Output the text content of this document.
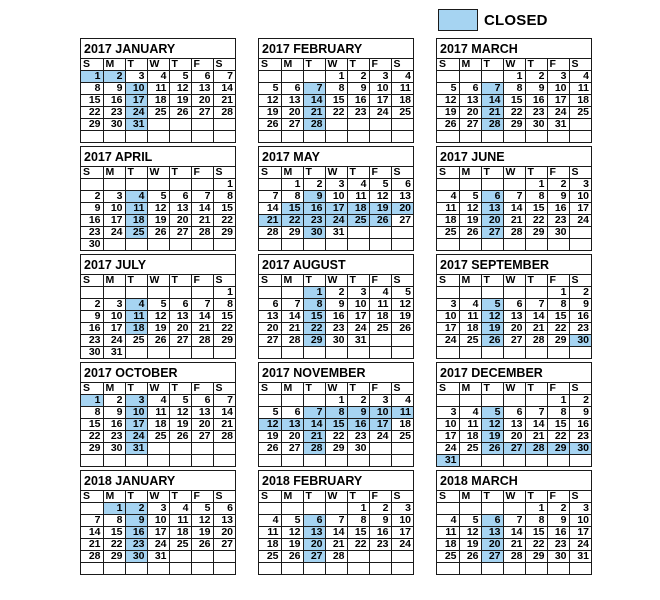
CLOSED
2017 JANUARY
S	M	T	W	T	F	S
1	2	3	4	5	6	7
8	9	10	11	12	13	14
15	16	17	18	19	20	21
22	23	24	25	26	27	28
29	30	31				

2017 FEBRUARY
S	M	T	W	T	F	S
			1	2	3	4
5	6	7	8	9	10	11
12	13	14	15	16	17	18
19	20	21	22	23	24	25
26	27	28				

2017 MARCH
S	M	T	W	T	F	S
			1	2	3	4
5	6	7	8	9	10	11
12	13	14	15	16	17	18
19	20	21	22	23	24	25
26	27	28	29	30	31	

2017 APRIL
S	M	T	W	T	F	S
						1
2	3	4	5	6	7	8
9	10	11	12	13	14	15
16	17	18	19	20	21	22
23	24	25	26	27	28	29
30						
2017 MAY
S	M	T	W	T	F	S
	1	2	3	4	5	6
7	8	9	10	11	12	13
14	15	16	17	18	19	20
21	22	23	24	25	26	27
28	29	30	31			

2017 JUNE
S	M	T	W	T	F	S
				1	2	3
4	5	6	7	8	9	10
11	12	13	14	15	16	17
18	19	20	21	22	23	24
25	26	27	28	29	30	

2017 JULY
S	M	T	W	T	F	S
						1
2	3	4	5	6	7	8
9	10	11	12	13	14	15
16	17	18	19	20	21	22
23	24	25	26	27	28	29
30	31					
2017 AUGUST
S	M	T	W	T	F	S
		1	2	3	4	5
6	7	8	9	10	11	12
13	14	15	16	17	18	19
20	21	22	23	24	25	26
27	28	29	30	31		

2017 SEPTEMBER
S	M	T	W	T	F	S
					1	2
3	4	5	6	7	8	9
10	11	12	13	14	15	16
17	18	19	20	21	22	23
24	25	26	27	28	29	30

2017 OCTOBER
S	M	T	W	T	F	S
1	2	3	4	5	6	7
8	9	10	11	12	13	14
15	16	17	18	19	20	21
22	23	24	25	26	27	28
29	30	31				

2017 NOVEMBER
S	M	T	W	T	F	S
			1	2	3	4
5	6	7	8	9	10	11
12	13	14	15	16	17	18
19	20	21	22	23	24	25
26	27	28	29	30		

2017 DECEMBER
S	M	T	W	T	F	S
					1	2
3	4	5	6	7	8	9
10	11	12	13	14	15	16
17	18	19	20	21	22	23
24	25	26	27	28	29	30
31						
2018 JANUARY
S	M	T	W	T	F	S
	1	2	3	4	5	6
7	8	9	10	11	12	13
14	15	16	17	18	19	20
21	22	23	24	25	26	27
28	29	30	31			

2018 FEBRUARY
S	M	T	W	T	F	S
				1	2	3
4	5	6	7	8	9	10
11	12	13	14	15	16	17
18	19	20	21	22	23	24
25	26	27	28			

2018 MARCH
S	M	T	W	T	F	S
				1	2	3
4	5	6	7	8	9	10
11	12	13	14	15	16	17
18	19	20	21	22	23	24
25	26	27	28	29	30	31
